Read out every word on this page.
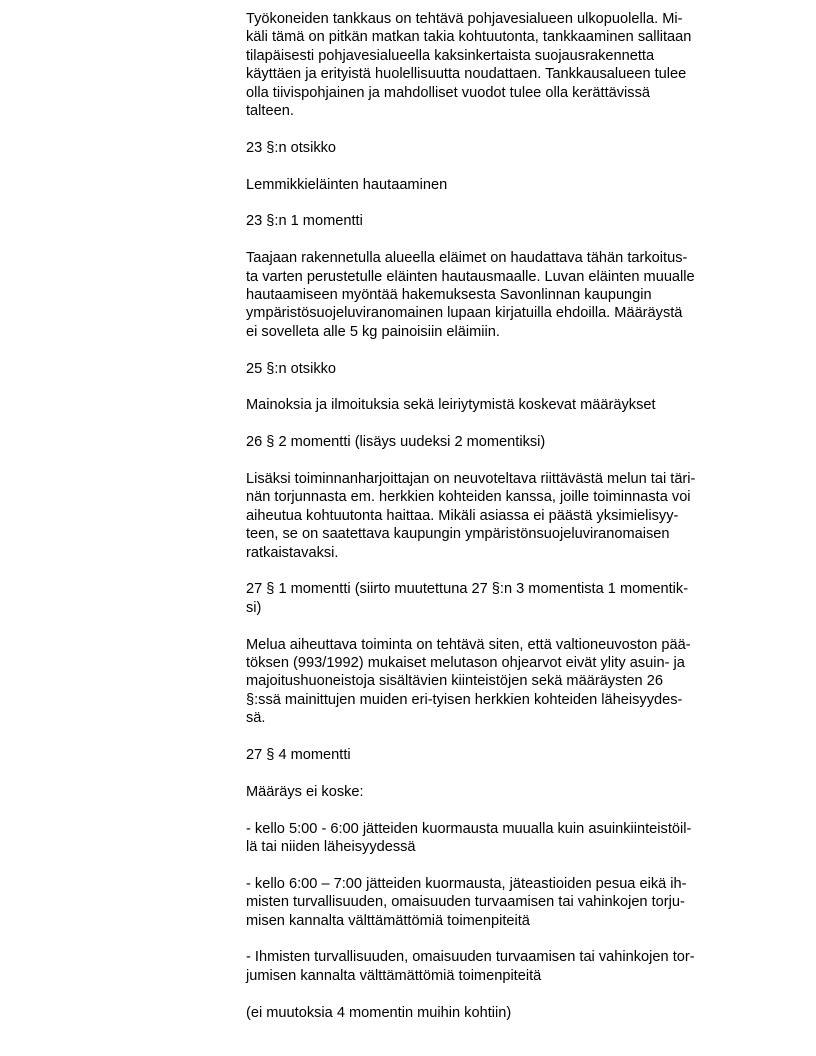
Työkoneiden tankkaus on tehtävä pohjavesialueen ulkopuolella. Mi-
käli tämä on pitkän matkan takia kohtuutonta, tankkaaminen sallitaan
tilapäisesti pohjavesialueella kaksinkertaista suojausrakennetta
käyttäen ja erityistä huolellisuutta noudattaen. Tankkausalueen tulee
olla tiivispohjainen ja mahdolliset vuodot tulee olla kerättävissä
talteen.
23 §:n otsikko
Lemmikkieläinten hautaaminen
23 §:n 1 momentti
Taajaan rakennetulla alueella eläimet on haudattava tähän tarkoitus-
ta varten perustetulle eläinten hautausmaalle. Luvan eläinten muualle
hautaamiseen myöntää hakemuksesta Savonlinnan kaupungin
ympäristösuojeluviranomainen lupaan kirjatuilla ehdoilla. Määräystä
ei sovelleta alle 5 kg painoisiin eläimiin.
25 §:n otsikko
Mainoksia ja ilmoituksia sekä leiriytymistä koskevat määräykset
26 § 2 momentti (lisäys uudeksi 2 momentiksi)
Lisäksi toiminnanharjoittajan on neuvoteltava riittävästä melun tai täri-
nän torjunnasta em. herkkien kohteiden kanssa, joille toiminnasta voi
aiheutua kohtuutonta haittaa. Mikäli asiassa ei päästä yksimielisyy-
teen, se on saatettava kaupungin ympäristönsuojeluviranomaisen
ratkaistavaksi.
27 § 1 momentti (siirto muutettuna 27 §:n 3 momentista 1 momentik-
si)
Melua aiheuttava toiminta on tehtävä siten, että valtioneuvoston pää-
töksen (993/1992) mukaiset melutason ohjearvot eivät ylity asuin- ja
majoitushuoneistoja sisältävien kiinteistöjen sekä määräysten 26
§:ssä mainittujen muiden eri-tyisen herkkien kohteiden läheisyydes-
sä.
27 § 4 momentti
Määräys ei koske:
- kello 5:00 - 6:00 jätteiden kuormausta muualla kuin asuinkiinteistöil-
lä tai niiden läheisyydessä
- kello 6:00 – 7:00 jätteiden kuormausta, jäteastioiden pesua eikä ih-
misten turvallisuuden, omaisuuden turvaamisen tai vahinkojen torju-
misen kannalta välttämättömiä toimenpiteitä
- Ihmisten turvallisuuden, omaisuuden turvaamisen tai vahinkojen tor-
jumisen kannalta välttämättömiä toimenpiteitä
(ei muutoksia 4 momentin muihin kohtiin)
